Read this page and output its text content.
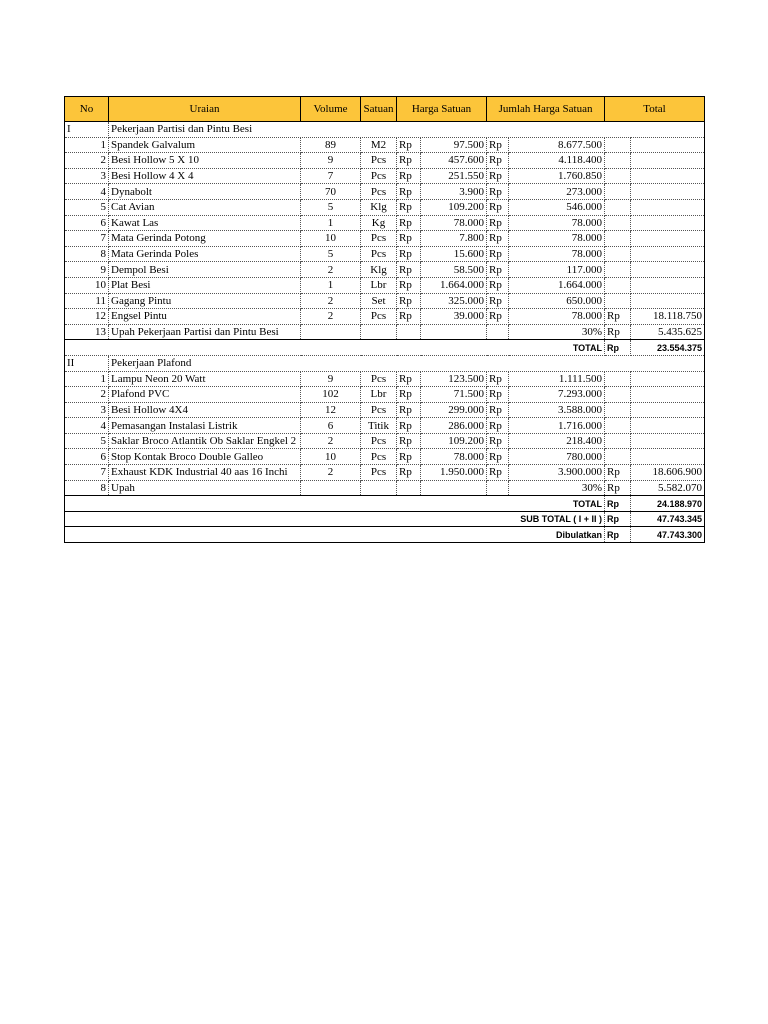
No	Uraian	Volume	Satuan	Harga Satuan		Jumlah Harga Satuan		Total	
I	Pekerjaan Partisi dan Pintu Besi								
1	Spandek Galvalum	89	M2	Rp	97.500	Rp	8.677.500		
2	Besi Hollow 5 X 10	9	Pcs	Rp	457.600	Rp	4.118.400		
3	Besi Hollow 4 X 4	7	Pcs	Rp	251.550	Rp	1.760.850		
4	Dynabolt	70	Pcs	Rp	3.900	Rp	273.000		
5	Cat Avian	5	Klg	Rp	109.200	Rp	546.000		
6	Kawat Las	1	Kg	Rp	78.000	Rp	78.000		
7	Mata Gerinda Potong	10	Pcs	Rp	7.800	Rp	78.000		
8	Mata Gerinda Poles	5	Pcs	Rp	15.600	Rp	78.000		
9	Dempol Besi	2	Klg	Rp	58.500	Rp	117.000		
10	Plat Besi	1	Lbr	Rp	1.664.000	Rp	1.664.000		
11	Gagang Pintu	2	Set	Rp	325.000	Rp	650.000		
12	Engsel Pintu	2	Pcs	Rp	39.000	Rp	78.000	Rp	18.118.750
13	Upah Pekerjaan Partisi dan Pintu Besi						30%	Rp	5.435.625
TOTAL								Rp	23.554.375
II	Pekerjaan Plafond								
1	Lampu Neon 20 Watt	9	Pcs	Rp	123.500	Rp	1.111.500		
2	Plafond PVC	102	Lbr	Rp	71.500	Rp	7.293.000		
3	Besi Hollow 4X4	12	Pcs	Rp	299.000	Rp	3.588.000		
4	Pemasangan Instalasi Listrik	6	Titik	Rp	286.000	Rp	1.716.000		
5	Saklar Broco Atlantik Ob Saklar Engkel 2	2	Pcs	Rp	109.200	Rp	218.400		
6	Stop Kontak Broco Double Galleo	10	Pcs	Rp	78.000	Rp	780.000		
7	Exhaust KDK Industrial 40 aas 16 Inchi	2	Pcs	Rp	1.950.000	Rp	3.900.000	Rp	18.606.900
8	Upah						30%	Rp	5.582.070
TOTAL								Rp	24.188.970
SUB TOTAL ( I + II )								Rp	47.743.345
Dibulatkan								Rp	47.743.300
